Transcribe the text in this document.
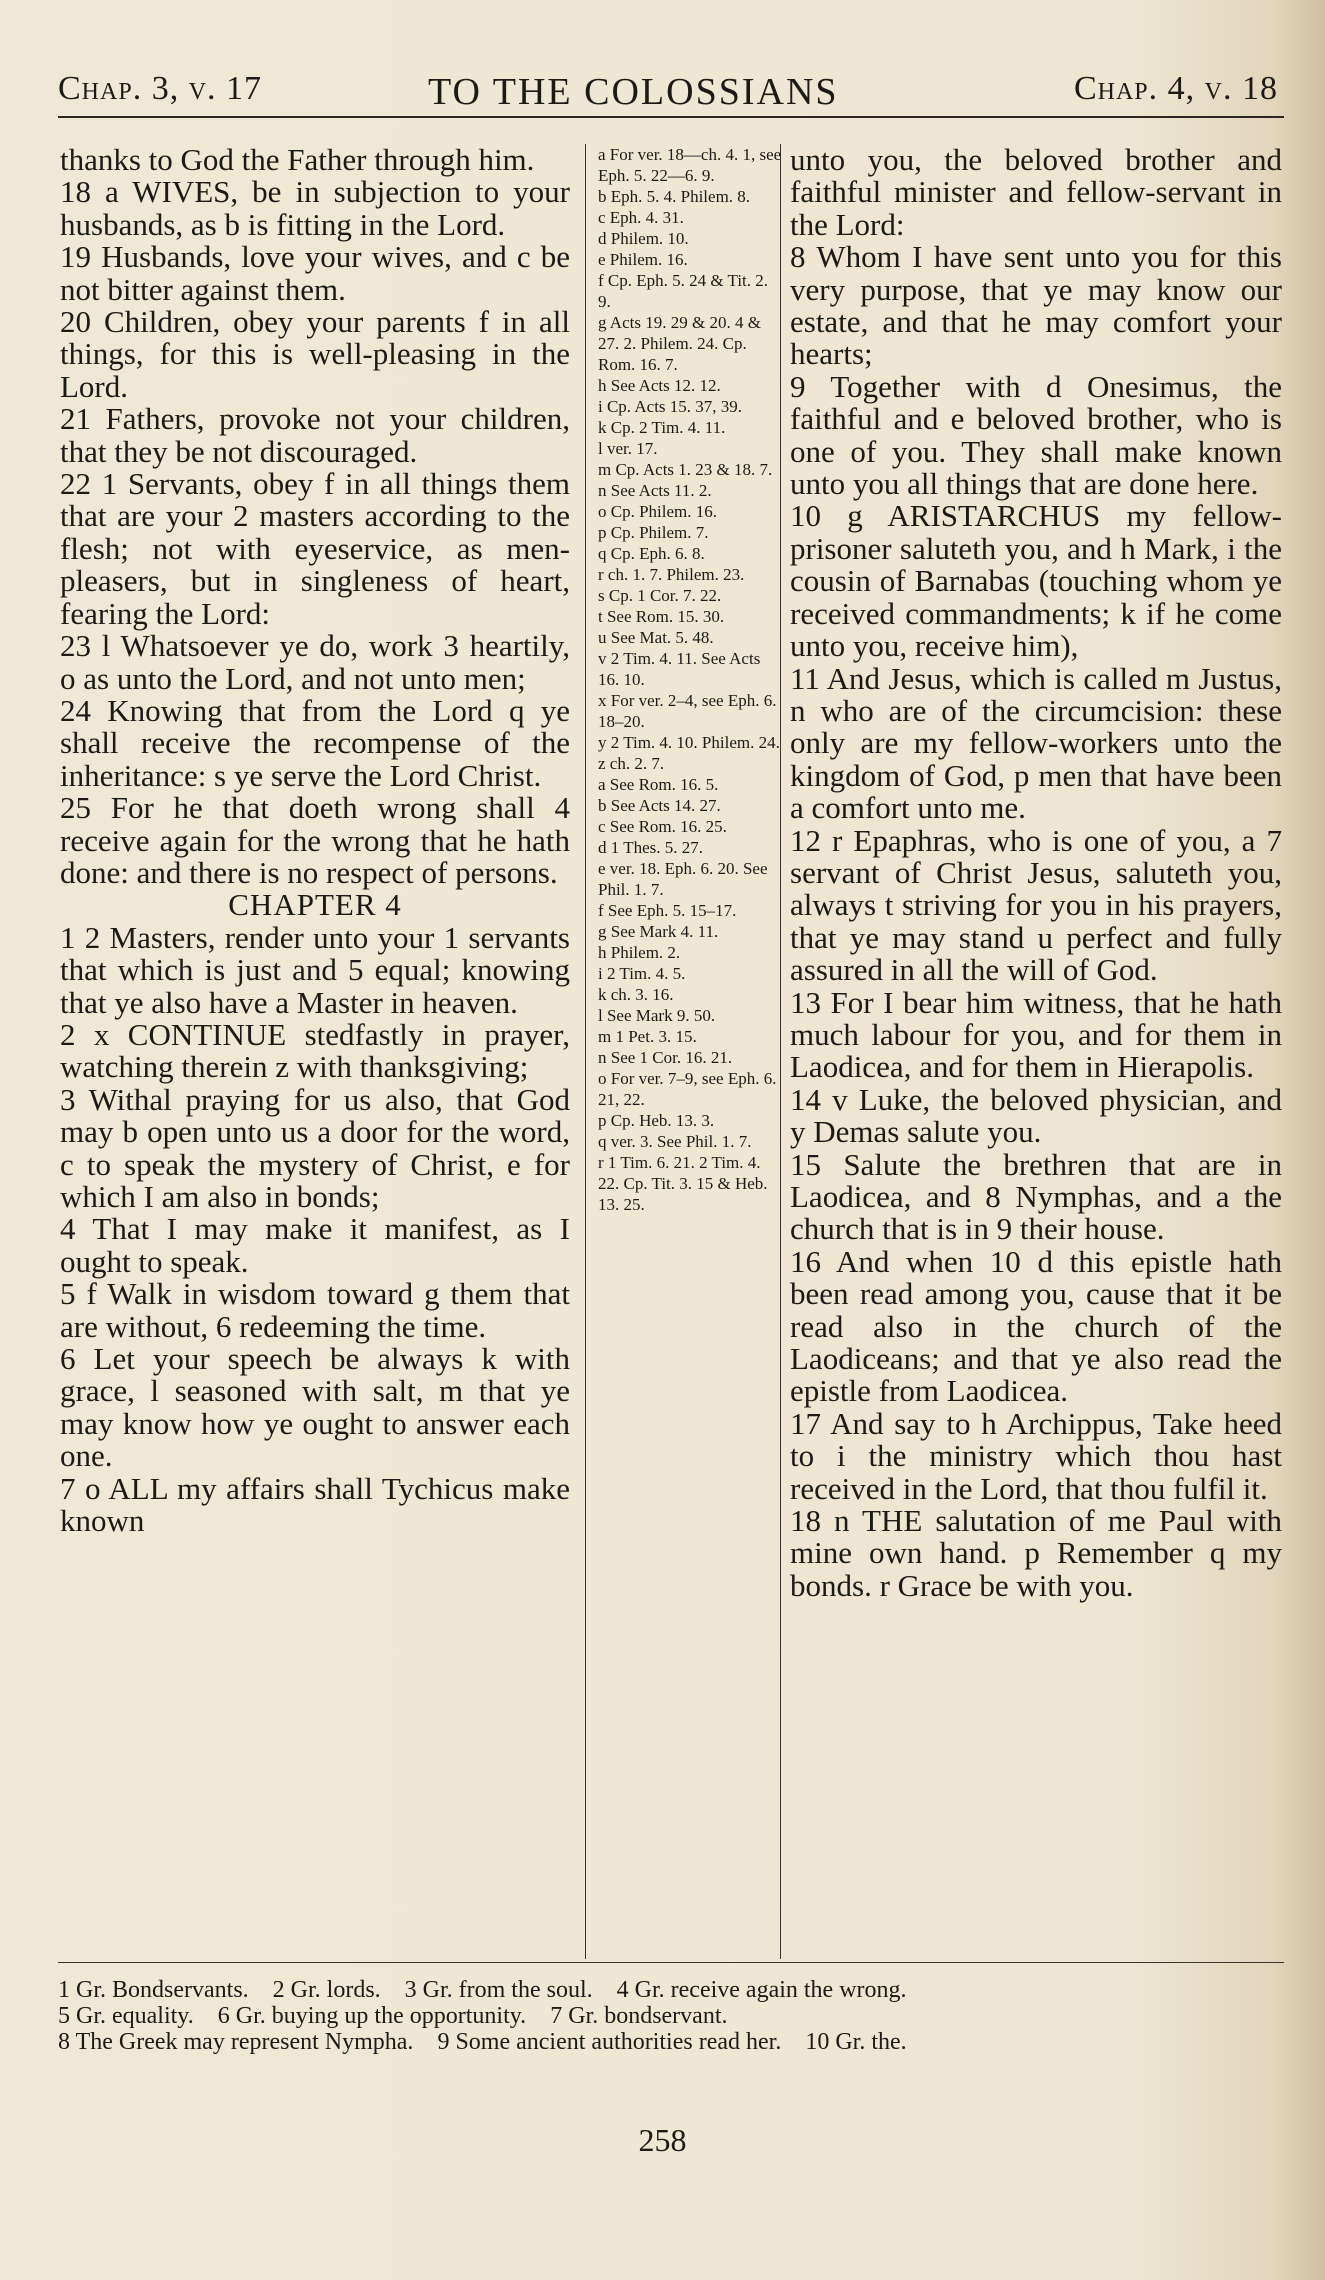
Chap. 3, v. 17	TO THE COLOSSIANS	Chap. 4, v. 18

thanks to God the Father through him.

18 a WIVES, be in subjection to your husbands, as b is fitting in the Lord.

19 Husbands, love your wives, and c be not bitter against them.

20 Children, obey your parents f in all things, for this is well-pleasing in the Lord.

21 Fathers, provoke not your children, that they be not discouraged.

22 1 Servants, obey f in all things them that are your 2 masters according to the flesh; not with eyeservice, as men-pleasers, but in singleness of heart, fearing the Lord:

23 l Whatsoever ye do, work 3 heartily, o as unto the Lord, and not unto men;

24 Knowing that from the Lord q ye shall receive the recompense of the inheritance: s ye serve the Lord Christ.

25 For he that doeth wrong shall 4 receive again for the wrong that he hath done: and there is no respect of persons.

CHAPTER 4

1 2 Masters, render unto your 1 servants that which is just and 5 equal; knowing that ye also have a Master in heaven.

2 x CONTINUE stedfastly in prayer, watching therein z with thanksgiving;

3 Withal praying for us also, that God may b open unto us a door for the word, c to speak the mystery of Christ, e for which I am also in bonds;

4 That I may make it manifest, as I ought to speak.

5 f Walk in wisdom toward g them that are without, 6 redeeming the time.

6 Let your speech be always k with grace, l seasoned with salt, m that ye may know how ye ought to answer each one.

7 o ALL my affairs shall Tychicus make known

a For ver. 18—ch. 4. 1, see Eph. 5. 22—6. 9.

b Eph. 5. 4. Philem. 8.

c Eph. 4. 31.

d Philem. 10.

e Philem. 16.

f Cp. Eph. 5. 24 & Tit. 2. 9.

g Acts 19. 29 & 20. 4 & 27. 2. Philem. 24. Cp. Rom. 16. 7.

h See Acts 12. 12.

i Cp. Acts 15. 37, 39.

k Cp. 2 Tim. 4. 11.

l ver. 17.

m Cp. Acts 1. 23 & 18. 7.

n See Acts 11. 2.

o Cp. Philem. 16.

p Cp. Philem. 7.

q Cp. Eph. 6. 8.

r ch. 1. 7. Philem. 23.

s Cp. 1 Cor. 7. 22.

t See Rom. 15. 30.

u See Mat. 5. 48.

v 2 Tim. 4. 11. See Acts 16. 10.

x For ver. 2–4, see Eph. 6. 18–20.

y 2 Tim. 4. 10. Philem. 24.

z ch. 2. 7.

a See Rom. 16. 5.

b See Acts 14. 27.

c See Rom. 16. 25.

d 1 Thes. 5. 27.

e ver. 18. Eph. 6. 20. See Phil. 1. 7.

f See Eph. 5. 15–17.

g See Mark 4. 11.

h Philem. 2.

i 2 Tim. 4. 5.

k ch. 3. 16.

l See Mark 9. 50.

m 1 Pet. 3. 15.

n See 1 Cor. 16. 21.

o For ver. 7–9, see Eph. 6. 21, 22.

p Cp. Heb. 13. 3.

q ver. 3. See Phil. 1. 7.

r 1 Tim. 6. 21. 2 Tim. 4. 22. Cp. Tit. 3. 15 & Heb. 13. 25.

unto you, the beloved brother and faithful minister and fellow-servant in the Lord:

8 Whom I have sent unto you for this very purpose, that ye may know our estate, and that he may comfort your hearts;

9 Together with d Onesimus, the faithful and e beloved brother, who is one of you. They shall make known unto you all things that are done here.

10 g ARISTARCHUS my fellow-prisoner saluteth you, and h Mark, i the cousin of Barnabas (touching whom ye received commandments; k if he come unto you, receive him),

11 And Jesus, which is called m Justus, n who are of the circumcision: these only are my fellow-workers unto the kingdom of God, p men that have been a comfort unto me.

12 r Epaphras, who is one of you, a 7 servant of Christ Jesus, saluteth you, always t striving for you in his prayers, that ye may stand u perfect and fully assured in all the will of God.

13 For I bear him witness, that he hath much labour for you, and for them in Laodicea, and for them in Hierapolis.

14 v Luke, the beloved physician, and y Demas salute you.

15 Salute the brethren that are in Laodicea, and 8 Nymphas, and a the church that is in 9 their house.

16 And when 10 d this epistle hath been read among you, cause that it be read also in the church of the Laodiceans; and that ye also read the epistle from Laodicea.

17 And say to h Archippus, Take heed to i the ministry which thou hast received in the Lord, that thou fulfil it.

18 n THE salutation of me Paul with mine own hand. p Remember q my bonds. r Grace be with you.

1 Gr. Bondservants. 2 Gr. lords. 3 Gr. from the soul. 4 Gr. receive again the wrong.
5 Gr. equality. 6 Gr. buying up the opportunity. 7 Gr. bondservant.
8 The Greek may represent Nympha. 9 Some ancient authorities read her. 10 Gr. the.
258
